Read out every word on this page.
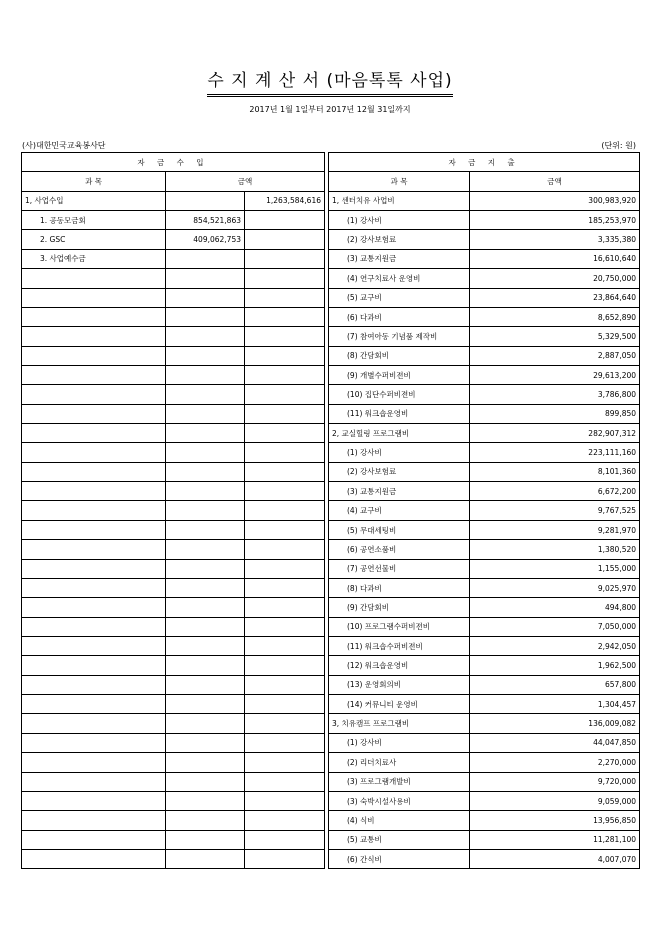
수 지 계 산 서 (마음톡톡 사업)
2017년 1월 1일부터 2017년 12월 31일까지
(사)대한민국교육봉사단	(단위: 원)
자 금 수 입		
과 목	금액	
1, 사업수입		1,263,584,616
1. 공동모금회	854,521,863	
2. GSC	409,062,753	
3. 사업예수금		

자 금 지 출	
과 목	금액
1, 센터치유 사업비	300,983,920
(1) 강사비	185,253,970
(2) 강사보험료	3,335,380
(3) 교통지원금	16,610,640
(4) 연구치료사 운영비	20,750,000
(5) 교구비	23,864,640
(6) 다과비	8,652,890
(7) 참여아동 기념품 제작비	5,329,500
(8) 간담회비	2,887,050
(9) 개별수퍼비젼비	29,613,200
(10) 집단수퍼비젼비	3,786,800
(11) 워크숍운영비	899,850
2, 교실힐링 프로그램비	282,907,312
(1) 강사비	223,111,160
(2) 강사보험료	8,101,360
(3) 교통지원금	6,672,200
(4) 교구비	9,767,525
(5) 무대세팅비	9,281,970
(6) 공연소품비	1,380,520
(7) 공연선물비	1,155,000
(8) 다과비	9,025,970
(9) 간담회비	494,800
(10) 프로그램수퍼비젼비	7,050,000
(11) 워크숍수퍼비젼비	2,942,050
(12) 워크숍운영비	1,962,500
(13) 운영회의비	657,800
(14) 커뮤니티 운영비	1,304,457
3, 치유캠프 프로그램비	136,009,082
(1) 강사비	44,047,850
(2) 리더치료사	2,270,000
(3) 프로그램개발비	9,720,000
(3) 숙박시설사용비	9,059,000
(4) 식비	13,956,850
(5) 교통비	11,281,100
(6) 간식비	4,007,070
